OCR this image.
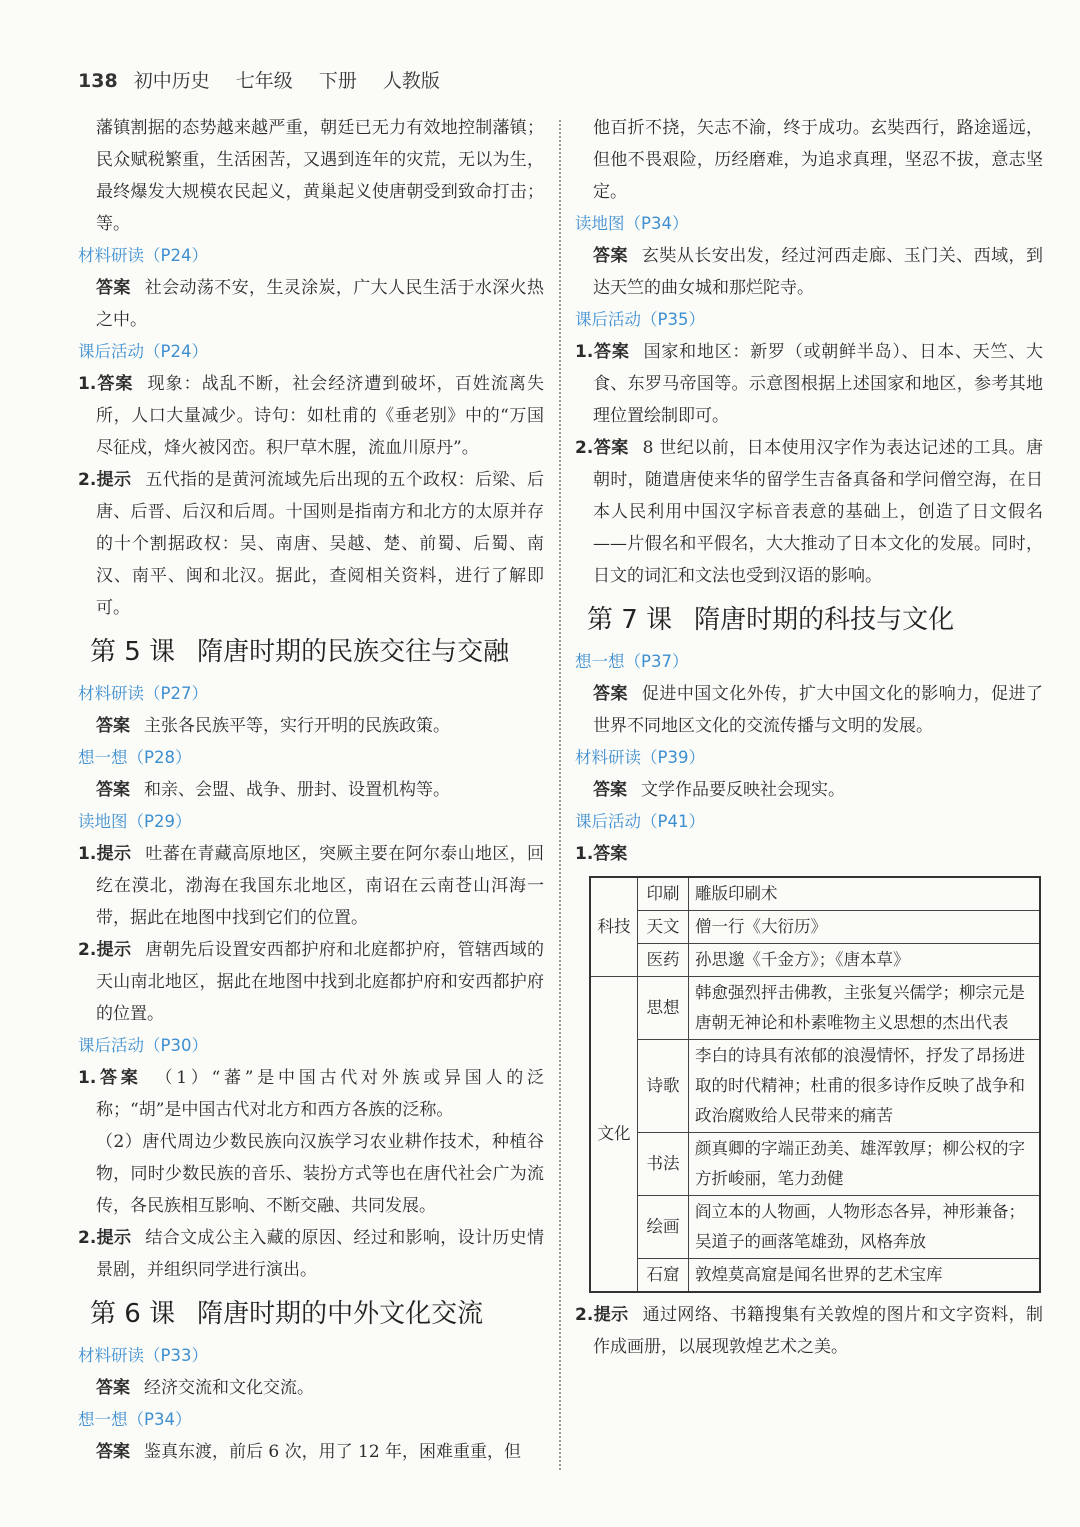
138 初中历史 七年级 下册 人教版
藩镇割据的态势越来越严重，朝廷已无力有效地控制藩镇；民众赋税繁重，生活困苦，又遇到连年的灾荒，无以为生，最终爆发大规模农民起义，黄巢起义使唐朝受到致命打击；等。
材料研读（P24）
答案 社会动荡不安，生灵涂炭，广大人民生活于水深火热之中。
课后活动（P24）
1.答案 现象：战乱不断，社会经济遭到破坏，百姓流离失所，人口大量减少。诗句：如杜甫的《垂老别》中的“万国尽征戍，烽火被冈峦。积尸草木腥，流血川原丹”。
2.提示 五代指的是黄河流域先后出现的五个政权：后梁、后唐、后晋、后汉和后周。十国则是指南方和北方的太原并存的十个割据政权：吴、南唐、吴越、楚、前蜀、后蜀、南汉、南平、闽和北汉。据此，查阅相关资料，进行了解即可。
第 5 课 隋唐时期的民族交往与交融
材料研读（P27）
答案 主张各民族平等，实行开明的民族政策。
想一想（P28）
答案 和亲、会盟、战争、册封、设置机构等。
读地图（P29）
1.提示 吐蕃在青藏高原地区，突厥主要在阿尔泰山地区，回纥在漠北，渤海在我国东北地区，南诏在云南苍山洱海一带，据此在地图中找到它们的位置。
2.提示 唐朝先后设置安西都护府和北庭都护府，管辖西域的天山南北地区，据此在地图中找到北庭都护府和安西都护府的位置。
课后活动（P30）
1.答案 （1）“蕃”是中国古代对外族或异国人的泛称；“胡”是中国古代对北方和西方各族的泛称。
（2）唐代周边少数民族向汉族学习农业耕作技术，种植谷物，同时少数民族的音乐、装扮方式等也在唐代社会广为流传，各民族相互影响、不断交融、共同发展。
2.提示 结合文成公主入藏的原因、经过和影响，设计历史情景剧，并组织同学进行演出。
第 6 课 隋唐时期的中外文化交流
材料研读（P33）
答案 经济交流和文化交流。
想一想（P34）
答案 鉴真东渡，前后 6 次，用了 12 年，困难重重，但
他百折不挠，矢志不渝，终于成功。玄奘西行，路途遥远，但他不畏艰险，历经磨难，为追求真理，坚忍不拔，意志坚定。
读地图（P34）
答案 玄奘从长安出发，经过河西走廊、玉门关、西域，到达天竺的曲女城和那烂陀寺。
课后活动（P35）
1.答案 国家和地区：新罗（或朝鲜半岛）、日本、天竺、大食、东罗马帝国等。示意图根据上述国家和地区，参考其地理位置绘制即可。
2.答案 8 世纪以前，日本使用汉字作为表达记述的工具。唐朝时，随遣唐使来华的留学生吉备真备和学问僧空海，在日本人民利用中国汉字标音表意的基础上，创造了日文假名——片假名和平假名，大大推动了日本文化的发展。同时，日文的词汇和文法也受到汉语的影响。
第 7 课 隋唐时期的科技与文化
想一想（P37）
答案 促进中国文化外传，扩大中国文化的影响力，促进了世界不同地区文化的交流传播与文明的发展。
材料研读（P39）
答案 文学作品要反映社会现实。
课后活动（P41）
1.答案
科技	印刷	雕版印刷术
	天文	僧一行《大衍历》
	医药	孙思邈《千金方》；《唐本草》
文化	思想	韩愈强烈抨击佛教，主张复兴儒学；柳宗元是唐朝无神论和朴素唯物主义思想的杰出代表
	诗歌	李白的诗具有浓郁的浪漫情怀，抒发了昂扬进取的时代精神；杜甫的很多诗作反映了战争和政治腐败给人民带来的痛苦
	书法	颜真卿的字端正劲美、雄浑敦厚；柳公权的字方折峻丽，笔力劲健
	绘画	阎立本的人物画，人物形态各异，神形兼备；吴道子的画落笔雄劲，风格奔放
	石窟	敦煌莫高窟是闻名世界的艺术宝库
2.提示 通过网络、书籍搜集有关敦煌的图片和文字资料，制作成画册，以展现敦煌艺术之美。
